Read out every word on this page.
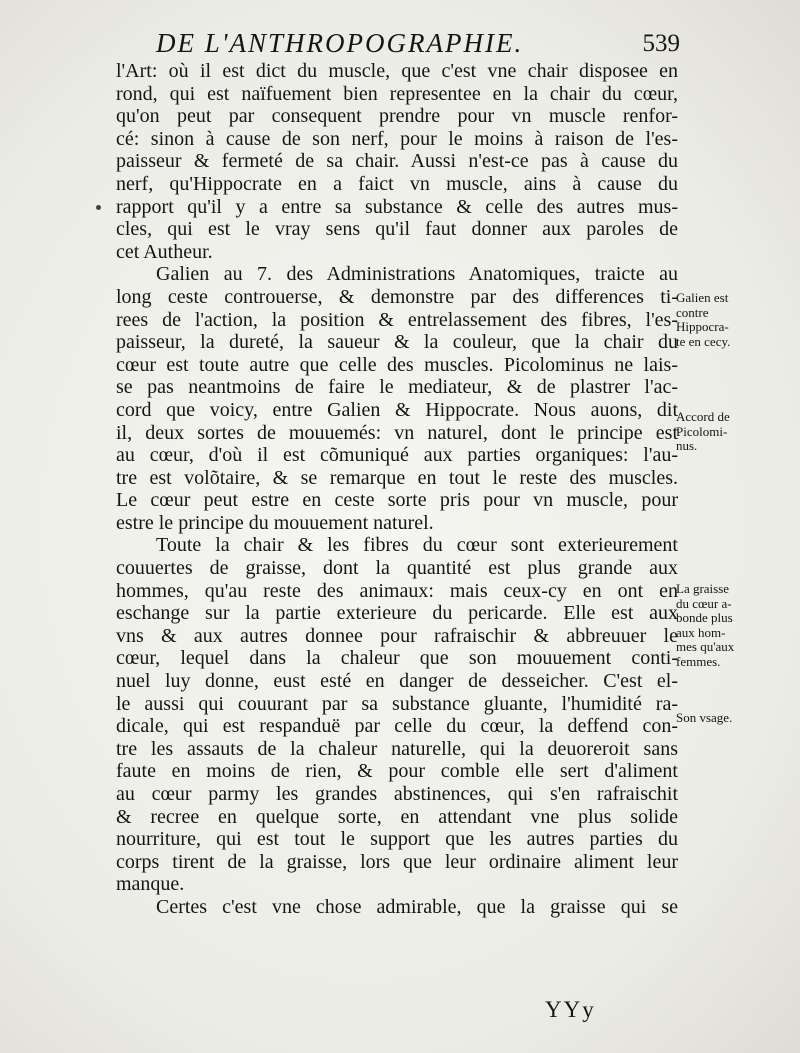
DE L'ANTHROPOGRAPHIE.	539
l'Art: où il est dict du muscle, que c'est vne chair disposee en
rond, qui est naïfuement bien representee en la chair du cœur,
qu'on peut par consequent prendre pour vn muscle renfor-
cé: sinon à cause de son nerf, pour le moins à raison de l'es-
paisseur & fermeté de sa chair. Aussi n'est-ce pas à cause du
nerf, qu'Hippocrate en a faict vn muscle, ains à cause du
rapport qu'il y a entre sa substance & celle des autres mus-
cles, qui est le vray sens qu'il faut donner aux paroles de
cet Autheur.
Galien au 7. des Administrations Anatomiques, traicte au
long ceste controuerse, & demonstre par des differences ti-
rees de l'action, la position & entrelassement des fibres, l'es-
paisseur, la dureté, la saueur & la couleur, que la chair du
cœur est toute autre que celle des muscles. Picolominus ne lais-
se pas neantmoins de faire le mediateur, & de plastrer l'ac-
cord que voicy, entre Galien & Hippocrate. Nous auons, dit
il, deux sortes de mouuemés: vn naturel, dont le principe est
au cœur, d'où il est cõmuniqué aux parties organiques: l'au-
tre est volõtaire, & se remarque en tout le reste des muscles.
Le cœur peut estre en ceste sorte pris pour vn muscle, pour
estre le principe du mouuement naturel.
Toute la chair & les fibres du cœur sont exterieurement
couuertes de graisse, dont la quantité est plus grande aux
hommes, qu'au reste des animaux: mais ceux-cy en ont en
eschange sur la partie exterieure du pericarde. Elle est aux
vns & aux autres donnee pour rafraischir & abbreuuer le
cœur, lequel dans la chaleur que son mouuement conti-
nuel luy donne, eust esté en danger de desseicher. C'est el-
le aussi qui couurant par sa substance gluante, l'humidité ra-
dicale, qui est respanduë par celle du cœur, la deffend con-
tre les assauts de la chaleur naturelle, qui la deuoreroit sans
faute en moins de rien, & pour comble elle sert d'aliment
au cœur parmy les grandes abstinences, qui s'en rafraischit
& recree en quelque sorte, en attendant vne plus solide
nourriture, qui est tout le support que les autres parties du
corps tirent de la graisse, lors que leur ordinaire aliment leur
manque.
Certes c'est vne chose admirable, que la graisse qui se
Galien est
contre
Hippocra-
te en cecy.
Accord de
Picolomi-
nus.
La graisse
du cœur a-
bonde plus
aux hom-
mes qu'aux
femmes.
Son vsage.
YYy
